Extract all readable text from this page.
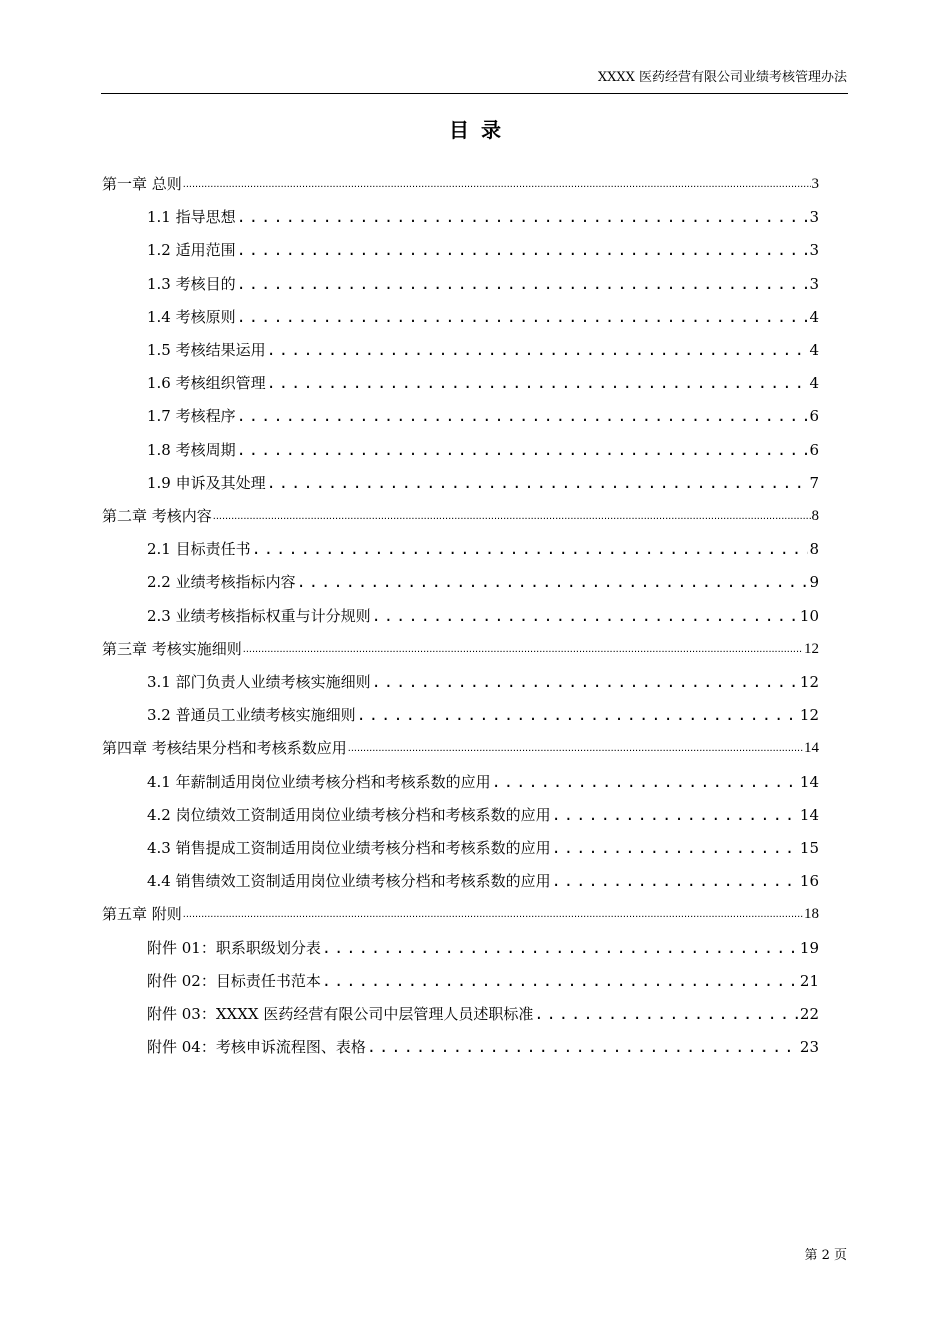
XXXX 医药经营有限公司业绩考核管理办法
目录
第一章 总则 .....	3
1.1 指导思想 .....	3
1.2 适用范围 .....	3
1.3 考核目的 .....	3
1.4 考核原则 .....	4
1.5 考核结果运用 .....	4
1.6 考核组织管理 .....	4
1.7 考核程序 .....	6
1.8 考核周期 .....	6
1.9 申诉及其处理 .....	7
第二章 考核内容 .....	8
2.1 目标责任书 .....	8
2.2 业绩考核指标内容 .....	9
2.3 业绩考核指标权重与计分规则 .....	10
第三章 考核实施细则 .....	12
3.1 部门负责人业绩考核实施细则 .....	12
3.2 普通员工业绩考核实施细则 .....	12
第四章 考核结果分档和考核系数应用 .....	14
4.1 年薪制适用岗位业绩考核分档和考核系数的应用 .....	14
4.2 岗位绩效工资制适用岗位业绩考核分档和考核系数的应用 .....	14
4.3 销售提成工资制适用岗位业绩考核分档和考核系数的应用 .....	15
4.4 销售绩效工资制适用岗位业绩考核分档和考核系数的应用 .....	16
第五章 附则 .....	18
附件 01：职系职级划分表 .....	19
附件 02：目标责任书范本 .....	21
附件 03：XXXX 医药经营有限公司中层管理人员述职标准 .....	22
附件 04：考核申诉流程图、表格 .....	23
第 2 页
